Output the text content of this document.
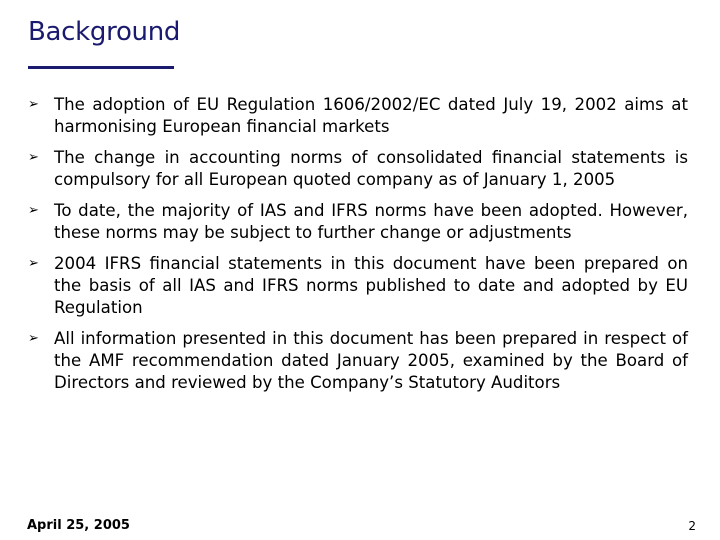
Background
➢ The adoption of EU Regulation 1606/2002/EC dated July 19, 2002 aims at harmonising European financial markets
➢ The change in accounting norms of consolidated financial statements is compulsory for all European quoted company as of January 1, 2005
➢ To date, the majority of IAS and IFRS norms have been adopted. However, these norms may be subject to further change or adjustments
➢ 2004 IFRS financial statements in this document have been prepared on the basis of all IAS and IFRS norms published to date and adopted by EU Regulation
➢ All information presented in this document has been prepared in respect of the AMF recommendation dated January 2005, examined by the Board of Directors and reviewed by the Company’s Statutory Auditors
April 25, 2005	2
